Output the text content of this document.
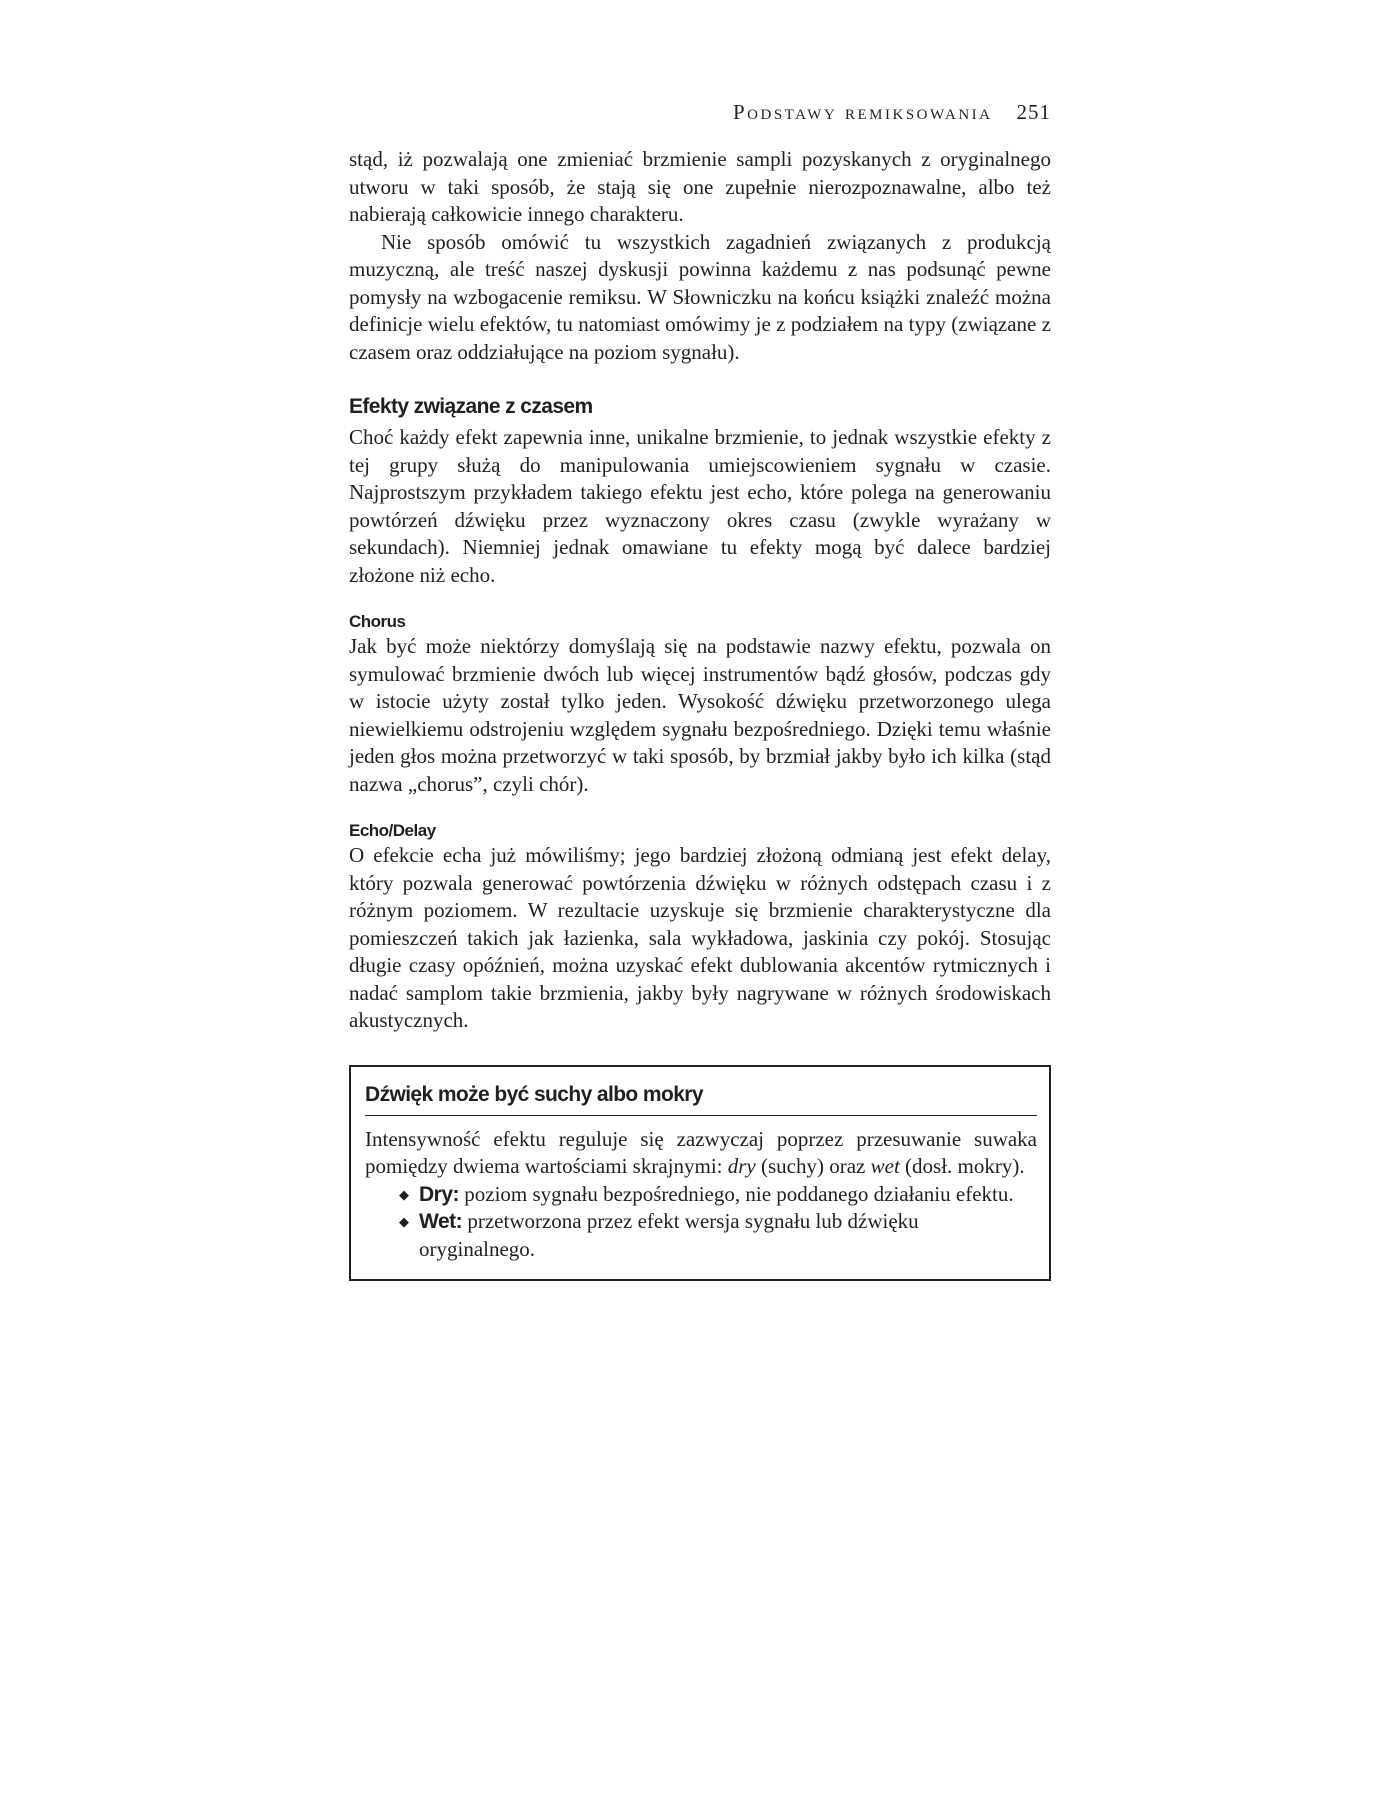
Podstawy remiksowania 251

stąd, iż pozwalają one zmieniać brzmienie sampli pozyskanych z oryginalnego utworu w taki sposób, że stają się one zupełnie nierozpoznawalne, albo też nabierają całkowicie innego charakteru.

Nie sposób omówić tu wszystkich zagadnień związanych z produkcją muzyczną, ale treść naszej dyskusji powinna każdemu z nas podsunąć pewne pomysły na wzbogacenie remiksu. W Słowniczku na końcu książki znaleźć można definicje wielu efektów, tu natomiast omówimy je z podziałem na typy (związane z czasem oraz oddziałujące na poziom sygnału).

Efekty związane z czasem

Choć każdy efekt zapewnia inne, unikalne brzmienie, to jednak wszystkie efekty z tej grupy służą do manipulowania umiejscowieniem sygnału w czasie. Najprostszym przykładem takiego efektu jest echo, które polega na generowaniu powtórzeń dźwięku przez wyznaczony okres czasu (zwykle wyrażany w sekundach). Niemniej jednak omawiane tu efekty mogą być dalece bardziej złożone niż echo.

Chorus

Jak być może niektórzy domyślają się na podstawie nazwy efektu, pozwala on symulować brzmienie dwóch lub więcej instrumentów bądź głosów, podczas gdy w istocie użyty został tylko jeden. Wysokość dźwięku przetworzonego ulega niewielkiemu odstrojeniu względem sygnału bezpośredniego. Dzięki temu właśnie jeden głos można przetworzyć w taki sposób, by brzmiał jakby było ich kilka (stąd nazwa „chorus”, czyli chór).

Echo/Delay

O efekcie echa już mówiliśmy; jego bardziej złożoną odmianą jest efekt delay, który pozwala generować powtórzenia dźwięku w różnych odstępach czasu i z różnym poziomem. W rezultacie uzyskuje się brzmienie charakterystyczne dla pomieszczeń takich jak łazienka, sala wykładowa, jaskinia czy pokój. Stosując długie czasy opóźnień, można uzyskać efekt dublowania akcentów rytmicznych i nadać samplom takie brzmienia, jakby były nagrywane w różnych środowiskach akustycznych.

Dźwięk może być suchy albo mokry

Intensywność efektu reguluje się zazwyczaj poprzez przesuwanie suwaka pomiędzy dwiema wartościami skrajnymi: dry (suchy) oraz wet (dosł. mokry).

◆ Dry: poziom sygnału bezpośredniego, nie poddanego działaniu efektu.
◆ Wet: przetworzona przez efekt wersja sygnału lub dźwięku oryginalnego.
